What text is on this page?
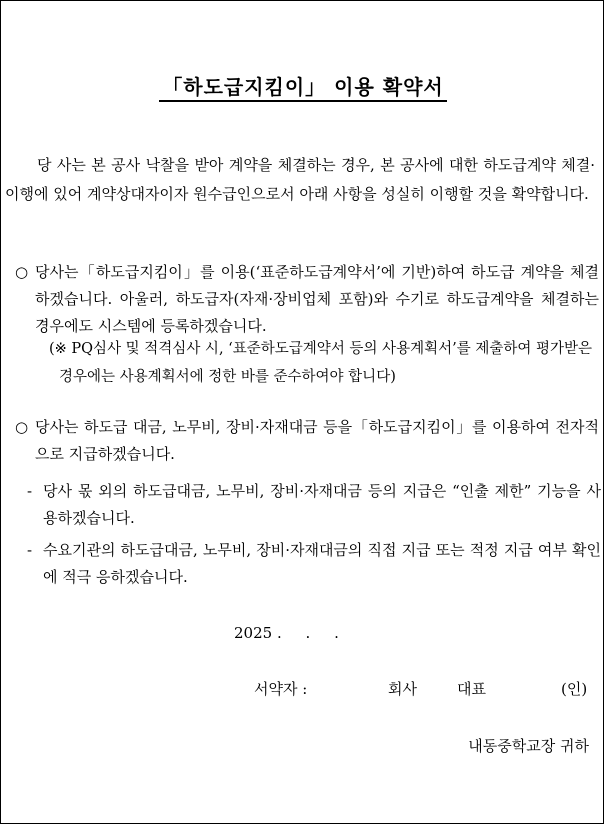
「하도급지킴이」 이용 확약서
당 사는 본 공사 낙찰을 받아 계약을 체결하는 경우, 본 공사에 대한 하도급계약 체결·이행에 있어 계약상대자이자 원수급인으로서 아래 사항을 성실히 이행할 것을 확약합니다.
○ 당사는「하도급지킴이」를 이용(‘표준하도급계약서’에 기반)하여 하도급 계약을 체결하겠습니다. 아울러, 하도급자(자재·장비업체 포함)와 수기로 하도급계약을 체결하는 경우에도 시스템에 등록하겠습니다.
(※ PQ심사 및 적격심사 시, ‘표준하도급계약서 등의 사용계획서’를 제출하여 평가받은 경우에는 사용계획서에 정한 바를 준수하여야 합니다)
○ 당사는 하도급 대금, 노무비, 장비·자재대금 등을「하도급지킴이」를 이용하여 전자적으로 지급하겠습니다.
- 당사 몫 외의 하도급대금, 노무비, 장비·자재대금 등의 지급은 “인출 제한” 기능을 사용하겠습니다.
- 수요기관의 하도급대금, 노무비, 장비·자재대금의 직접 지급 또는 적정 지급 여부 확인에 적극 응하겠습니다.
2025 .     .     .
서약자 :	회사	대표	(인)
내동중학교장 귀하
